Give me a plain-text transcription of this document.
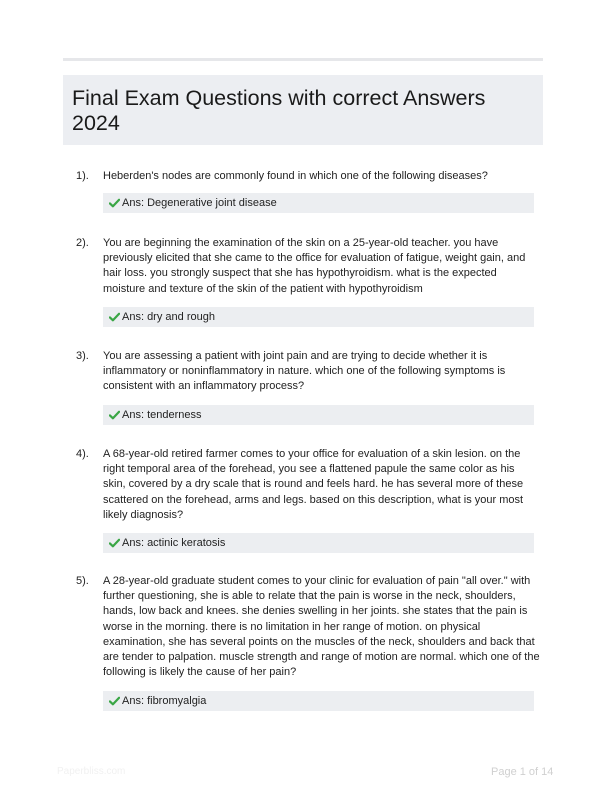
Final Exam Questions with correct Answers 2024
1). Heberden's nodes are commonly found in which one of the following diseases?
Ans: Degenerative joint disease
2). You are beginning the examination of the skin on a 25-year-old teacher. you have previously elicited that she came to the office for evaluation of fatigue, weight gain, and hair loss. you strongly suspect that she has hypothyroidism. what is the expected moisture and texture of the skin of the patient with hypothyroidism
Ans: dry and rough
3). You are assessing a patient with joint pain and are trying to decide whether it is inflammatory or noninflammatory in nature. which one of the following symptoms is consistent with an inflammatory process?
Ans: tenderness
4). A 68-year-old retired farmer comes to your office for evaluation of a skin lesion. on the right temporal area of the forehead, you see a flattened papule the same color as his skin, covered by a dry scale that is round and feels hard. he has several more of these scattered on the forehead, arms and legs. based on this description, what is your most likely diagnosis?
Ans: actinic keratosis
5). A 28-year-old graduate student comes to your clinic for evaluation of pain "all over." with further questioning, she is able to relate that the pain is worse in the neck, shoulders, hands, low back and knees. she denies swelling in her joints. she states that the pain is worse in the morning. there is no limitation in her range of motion. on physical examination, she has several points on the muscles of the neck, shoulders and back that are tender to palpation. muscle strength and range of motion are normal. which one of the following is likely the cause of her pain?
Ans: fibromyalgia
Paperbliss.com	Page 1 of 14
